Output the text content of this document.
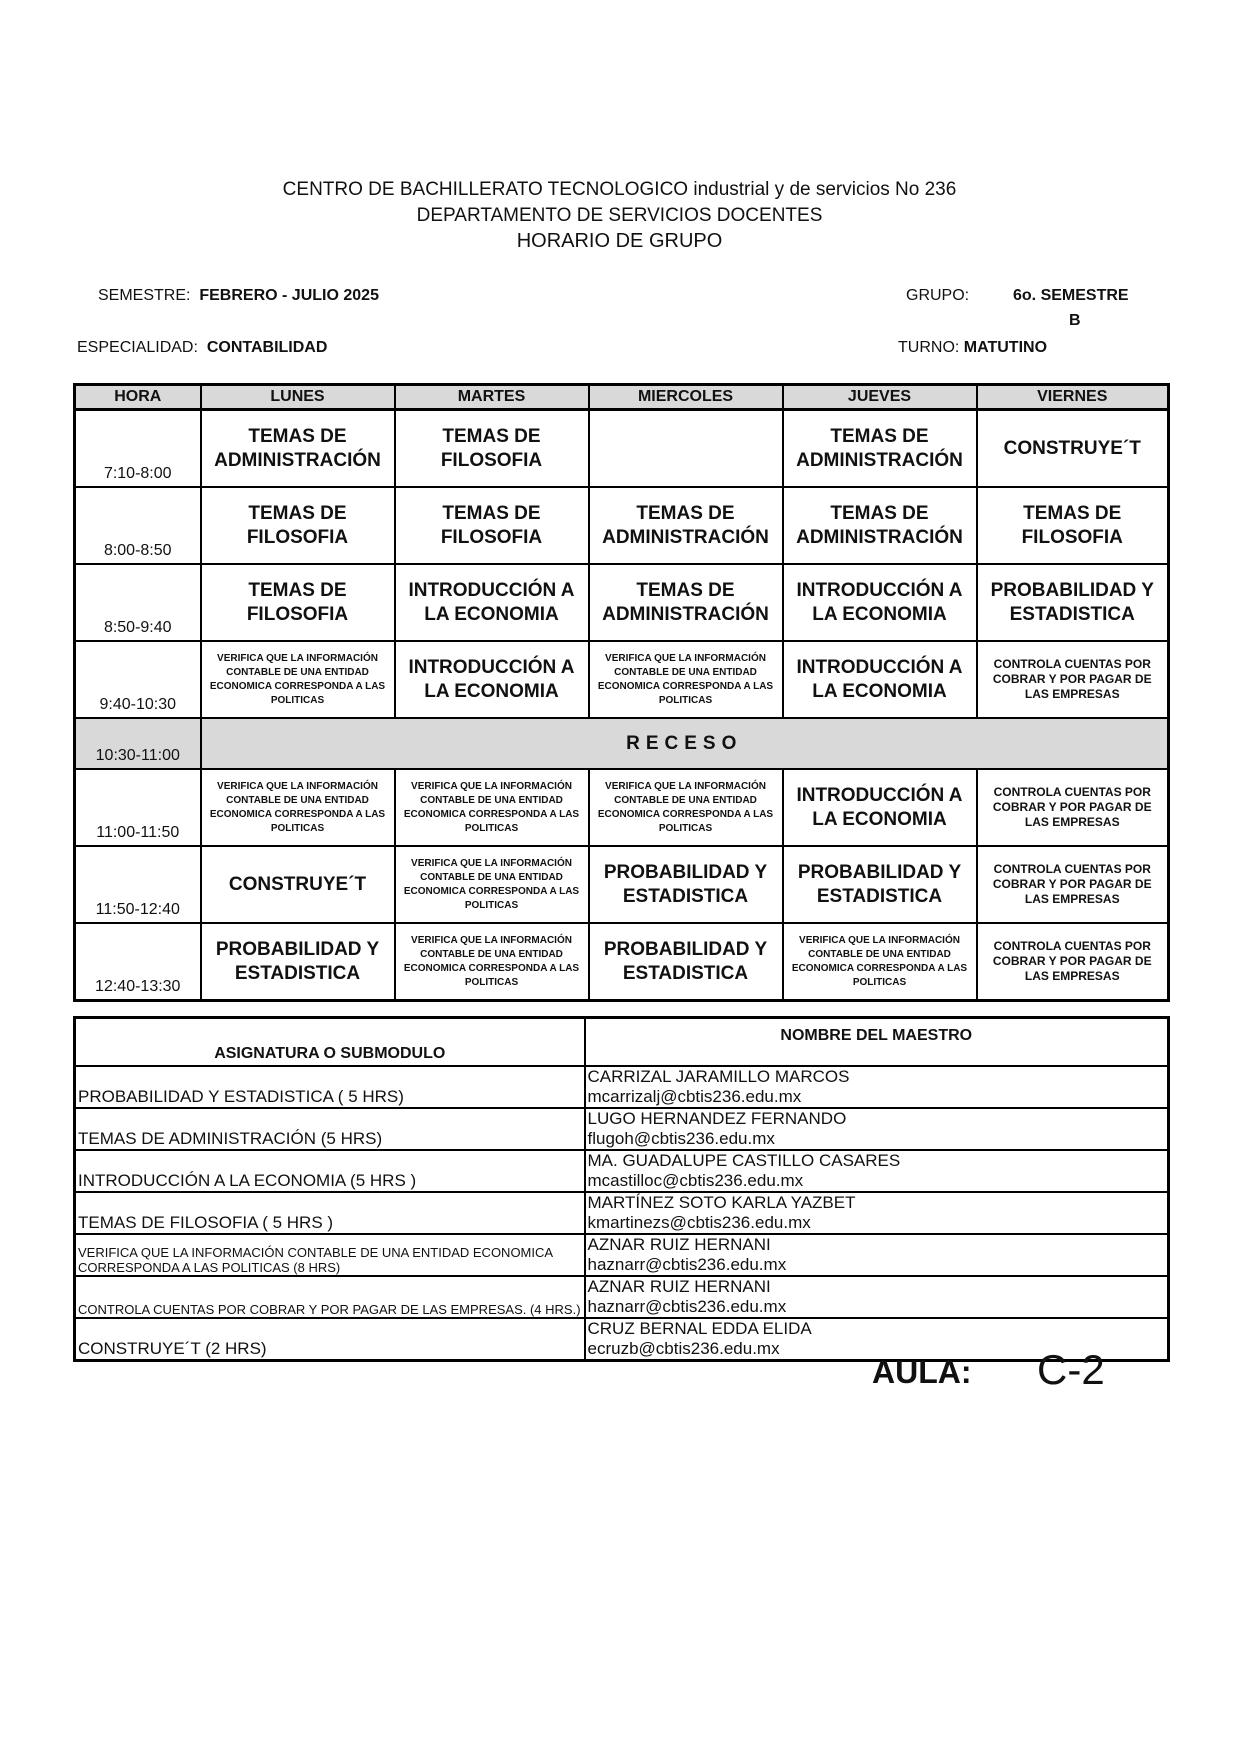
CENTRO DE BACHILLERATO TECNOLOGICO industrial y de servicios No 236
DEPARTAMENTO DE SERVICIOS DOCENTES
HORARIO DE GRUPO
SEMESTRE: FEBRERO - JULIO 2025	GRUPO:	6o. SEMESTRE
B
ESPECIALIDAD: CONTABILIDAD	TURNO: MATUTINO
HORA	LUNES	MARTES	MIERCOLES	JUEVES	VIERNES
7:10-8:00	TEMAS DE ADMINISTRACIÓN	TEMAS DE FILOSOFIA		TEMAS DE ADMINISTRACIÓN	CONSTRUYE´T
8:00-8:50	TEMAS DE FILOSOFIA	TEMAS DE FILOSOFIA	TEMAS DE ADMINISTRACIÓN	TEMAS DE ADMINISTRACIÓN	TEMAS DE FILOSOFIA
8:50-9:40	TEMAS DE FILOSOFIA	INTRODUCCIÓN A LA ECONOMIA	TEMAS DE ADMINISTRACIÓN	INTRODUCCIÓN A LA ECONOMIA	PROBABILIDAD Y ESTADISTICA
9:40-10:30	VERIFICA QUE LA INFORMACIÓN CONTABLE DE UNA ENTIDAD ECONOMICA CORRESPONDA A LAS POLITICAS	INTRODUCCIÓN A LA ECONOMIA	VERIFICA QUE LA INFORMACIÓN CONTABLE DE UNA ENTIDAD ECONOMICA CORRESPONDA A LAS POLITICAS	INTRODUCCIÓN A LA ECONOMIA	CONTROLA CUENTAS POR COBRAR Y POR PAGAR DE LAS EMPRESAS
10:30-11:00	RECESO				
11:00-11:50	VERIFICA QUE LA INFORMACIÓN CONTABLE DE UNA ENTIDAD ECONOMICA CORRESPONDA A LAS POLITICAS	VERIFICA QUE LA INFORMACIÓN CONTABLE DE UNA ENTIDAD ECONOMICA CORRESPONDA A LAS POLITICAS	VERIFICA QUE LA INFORMACIÓN CONTABLE DE UNA ENTIDAD ECONOMICA CORRESPONDA A LAS POLITICAS	INTRODUCCIÓN A LA ECONOMIA	CONTROLA CUENTAS POR COBRAR Y POR PAGAR DE LAS EMPRESAS
11:50-12:40	CONSTRUYE´T	VERIFICA QUE LA INFORMACIÓN CONTABLE DE UNA ENTIDAD ECONOMICA CORRESPONDA A LAS POLITICAS	PROBABILIDAD Y ESTADISTICA	PROBABILIDAD Y ESTADISTICA	CONTROLA CUENTAS POR COBRAR Y POR PAGAR DE LAS EMPRESAS
12:40-13:30	PROBABILIDAD Y ESTADISTICA	VERIFICA QUE LA INFORMACIÓN CONTABLE DE UNA ENTIDAD ECONOMICA CORRESPONDA A LAS POLITICAS	PROBABILIDAD Y ESTADISTICA	VERIFICA QUE LA INFORMACIÓN CONTABLE DE UNA ENTIDAD ECONOMICA CORRESPONDA A LAS POLITICAS	CONTROLA CUENTAS POR COBRAR Y POR PAGAR DE LAS EMPRESAS
ASIGNATURA O SUBMODULO	NOMBRE DEL MAESTRO
PROBABILIDAD Y ESTADISTICA ( 5 HRS)	CARRIZAL JARAMILLO MARCOS
mcarrizalj@cbtis236.edu.mx

TEMAS DE ADMINISTRACIÓN (5 HRS)	LUGO HERNANDEZ FERNANDO
flugoh@cbtis236.edu.mx

INTRODUCCIÓN A LA ECONOMIA (5 HRS )	MA. GUADALUPE CASTILLO CASARES
mcastilloc@cbtis236.edu.mx

TEMAS DE FILOSOFIA ( 5 HRS )	MARTÍNEZ SOTO KARLA YAZBET
kmartinezs@cbtis236.edu.mx

VERIFICA QUE LA INFORMACIÓN CONTABLE DE UNA ENTIDAD ECONOMICA CORRESPONDA A LAS POLITICAS (8 HRS)	AZNAR RUIZ HERNANI
haznarr@cbtis236.edu.mx

CONTROLA CUENTAS POR COBRAR Y POR PAGAR DE LAS EMPRESAS. (4 HRS.)	AZNAR RUIZ HERNANI
haznarr@cbtis236.edu.mx

CONSTRUYE´T (2 HRS)	CRUZ BERNAL EDDA ELIDA
ecruzb@cbtis236.edu.mx
AULA: C-2
